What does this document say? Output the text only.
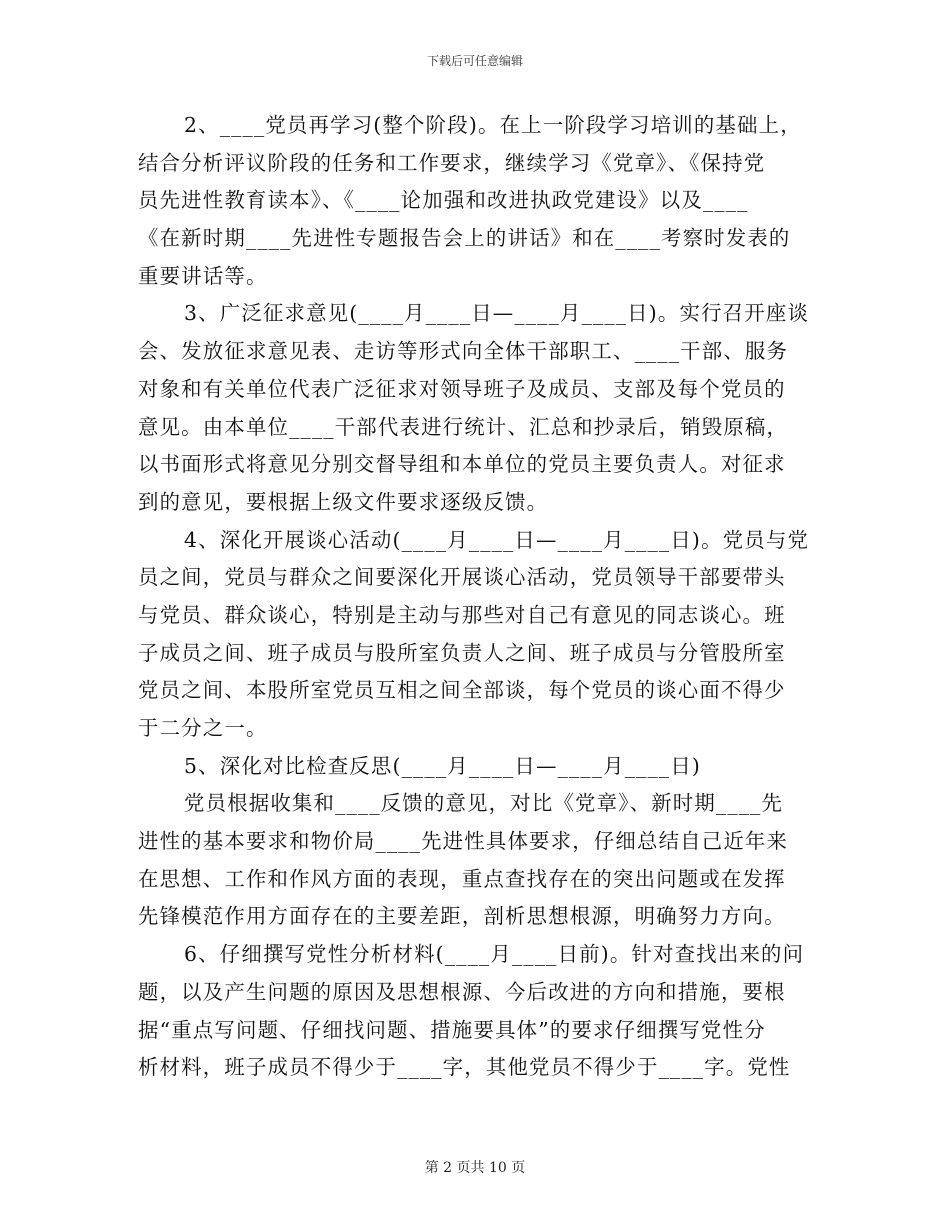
下载后可任意编辑
2、____党员再学习(整个阶段)。在上一阶段学习培训的基础上，
结合分析评议阶段的任务和工作要求，继续学习《党章》、《保持党
员先进性教育读本》、《____论加强和改进执政党建设》以及____
《在新时期____先进性专题报告会上的讲话》和在____考察时发表的
重要讲话等。
3、广泛征求意见(____月____日—____月____日)。实行召开座谈
会、发放征求意见表、走访等形式向全体干部职工、____干部、服务
对象和有关单位代表广泛征求对领导班子及成员、支部及每个党员的
意见。由本单位____干部代表进行统计、汇总和抄录后，销毁原稿，
以书面形式将意见分别交督导组和本单位的党员主要负责人。对征求
到的意见，要根据上级文件要求逐级反馈。
4、深化开展谈心活动(____月____日—____月____日)。党员与党
员之间，党员与群众之间要深化开展谈心活动，党员领导干部要带头
与党员、群众谈心，特别是主动与那些对自己有意见的同志谈心。班
子成员之间、班子成员与股所室负责人之间、班子成员与分管股所室
党员之间、本股所室党员互相之间全部谈，每个党员的谈心面不得少
于二分之一。
5、深化对比检查反思(____月____日—____月____日)
党员根据收集和____反馈的意见，对比《党章》、新时期____先
进性的基本要求和物价局____先进性具体要求，仔细总结自己近年来
在思想、工作和作风方面的表现，重点查找存在的突出问题或在发挥
先锋模范作用方面存在的主要差距，剖析思想根源，明确努力方向。
6、仔细撰写党性分析材料(____月____日前)。针对查找出来的问
题，以及产生问题的原因及思想根源、今后改进的方向和措施，要根
据“重点写问题、仔细找问题、措施要具体”的要求仔细撰写党性分
析材料，班子成员不得少于____字，其他党员不得少于____字。党性
第 2 页共 10 页
